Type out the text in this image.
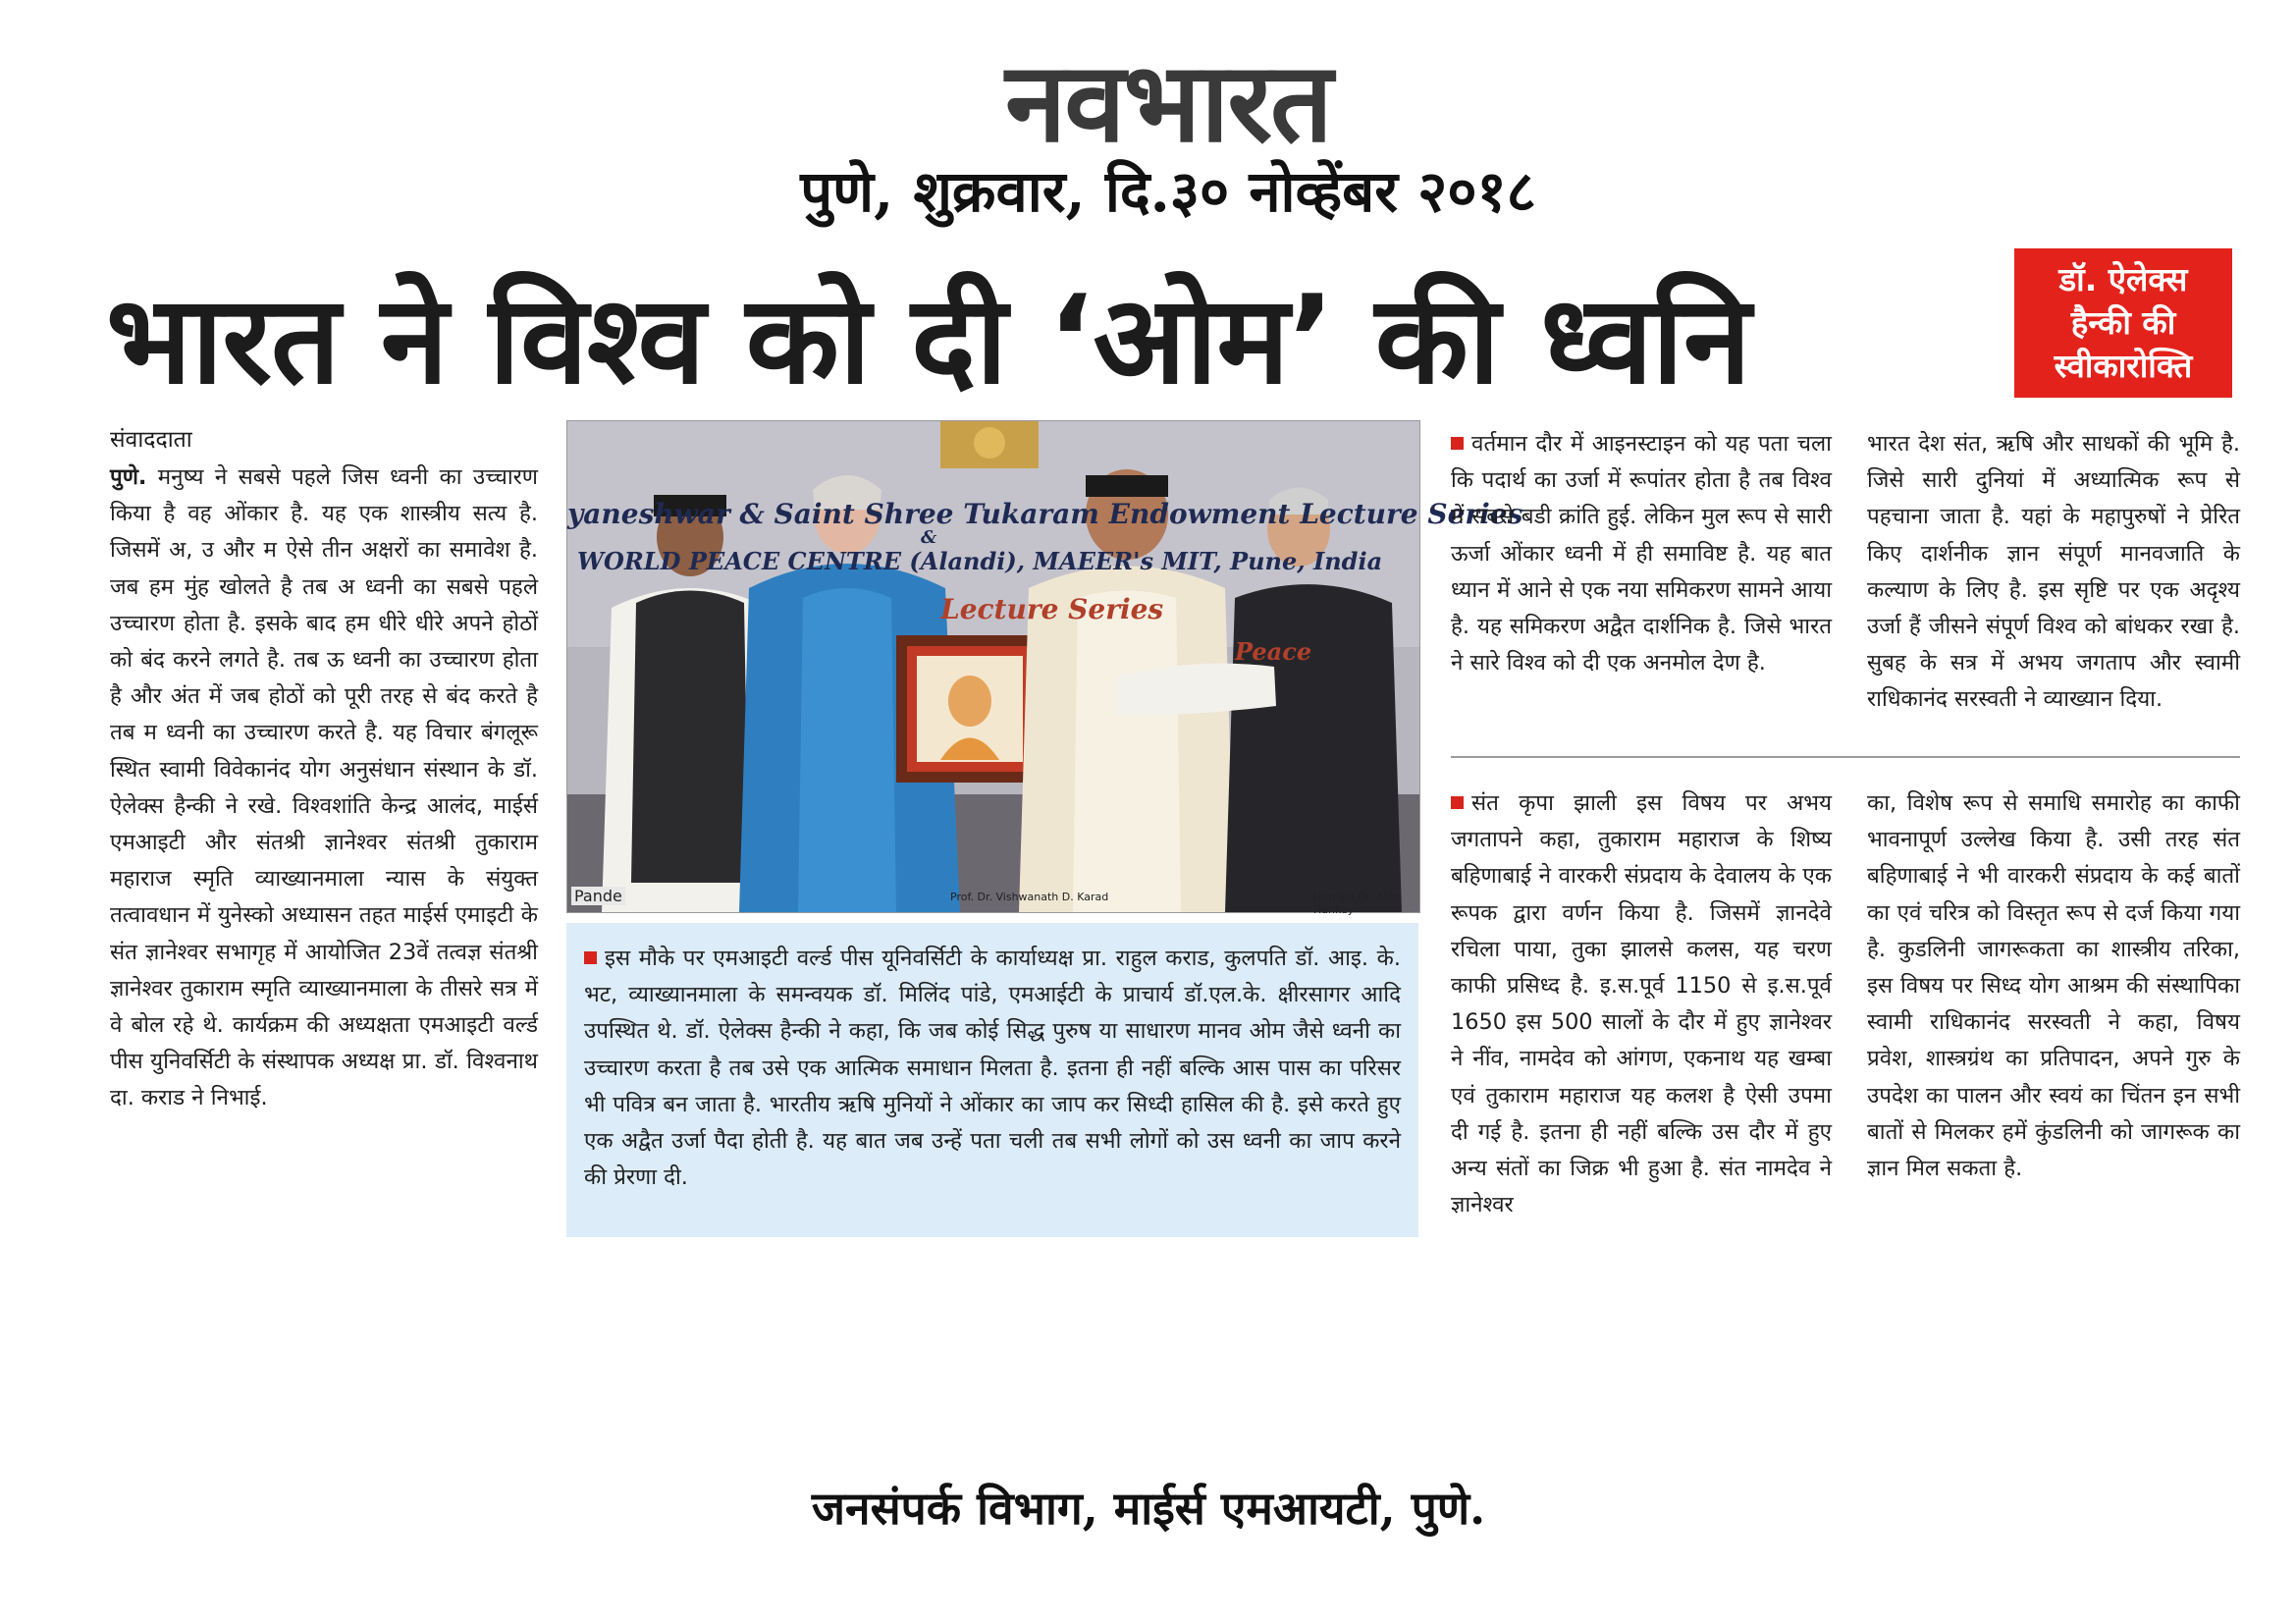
नवभारत
पुणे, शुक्रवार, दि.३० नोव्हेंबर २०१८
भारत ने विश्व को दी ‘ओम’ की ध्वनि	डॉ. ऐलेक्स
हैन्की की
स्वीकारोक्ति
संवाददाता

पुणे. मनुष्य ने सबसे पहले जिस ध्वनी का उच्चारण किया है वह ओंकार है. यह एक शास्त्रीय सत्य है. जिसमें अ, उ और म ऐसे तीन अक्षरों का समावेश है. जब हम मुंह खोलते है तब अ ध्वनी का सबसे पहले उच्चारण होता है. इसके बाद हम धीरे धीरे अपने होठों को बंद करने लगते है. तब ऊ ध्वनी का उच्चारण होता है और अंत में जब होठों को पूरी तरह से बंद करते है तब म ध्वनी का उच्चारण करते है. यह विचार बंगलूरू स्थित स्वामी विवेकानंद योग अनुसंधान संस्थान के डॉ. ऐलेक्स हैन्की ने रखे. विश्वशांति केन्द्र आलंद, माईर्स एमआइटी और संतश्री ज्ञानेश्वर संतश्री तुकाराम महाराज स्मृति व्याख्यानमाला न्यास के संयुक्त तत्वावधान में युनेस्को अध्यासन तहत माईर्स एमाइटी के संत ज्ञानेश्वर सभागृह में आयोजित 23वें तत्वज्ञ संतश्री ज्ञानेश्वर तुकाराम स्मृति व्याख्यानमाला के तीसरे सत्र में वे बोल रहे थे. कार्यक्रम की अध्यक्षता एमआइटी वर्ल्ड पीस युनिवर्सिटी के संस्थापक अध्यक्ष प्रा. डॉ. विश्वनाथ दा. कराड ने निभाई.

yaneshwar & Saint Shree Tukaram Endowment Lecture Series
&
WORLD PEACE CENTRE (Alandi), MAEER's MIT, Pune, India
Lecture Series
Peace
Pande	Prof. Dr. Vishwanath D. Karad	Hon'ble Dr. Alex Hankey

इस मौके पर एमआइटी वर्ल्ड पीस यूनिवर्सिटी के कार्याध्यक्ष प्रा. राहुल कराड, कुलपति डॉ. आइ. के. भट, व्याख्यानमाला के समन्वयक डॉ. मिलिंद पांडे, एमआईटी के प्राचार्य डॉ.एल.के. क्षीरसागर आदि उपस्थित थे. डॉ. ऐलेक्स हैन्की ने कहा, कि जब कोई सिद्ध पुरुष या साधारण मानव ओम जैसे ध्वनी का उच्चारण करता है तब उसे एक आत्मिक समाधान मिलता है. इतना ही नहीं बल्कि आस पास का परिसर भी पवित्र बन जाता है. भारतीय ऋषि मुनियों ने ओंकार का जाप कर सिध्दी हासिल की है. इसे करते हुए एक अद्वैत उर्जा पैदा होती है. यह बात जब उन्हें पता चली तब सभी लोगों को उस ध्वनी का जाप करने की प्रेरणा दी.

वर्तमान दौर में आइनस्टाइन को यह पता चला कि पदार्थ का उर्जा में रूपांतर होता है तब विश्व में सबसे बडी क्रांति हुई. लेकिन मुल रूप से सारी ऊर्जा ओंकार ध्वनी में ही समाविष्ट है. यह बात ध्यान में आने से एक नया समिकरण सामने आया है. यह समिकरण अद्वैत दार्शनिक है. जिसे भारत ने सारे विश्व को दी एक अनमोल देण है.

भारत देश संत, ऋषि और साधकों की भूमि है. जिसे सारी दुनियां में अध्यात्मिक रूप से पहचाना जाता है. यहां के महापुरुषों ने प्रेरित किए दार्शनीक ज्ञान संपूर्ण मानवजाति के कल्याण के लिए है. इस सृष्टि पर एक अदृश्य उर्जा हैं जीसने संपूर्ण विश्व को बांधकर रखा है. सुबह के सत्र में अभय जगताप और स्वामी राधिकानंद सरस्वती ने व्याख्यान दिया.

संत कृपा झाली इस विषय पर अभय जगतापने कहा, तुकाराम महाराज के शिष्य बहिणाबाई ने वारकरी संप्रदाय के देवालय के एक रूपक द्वारा वर्णन किया है. जिसमें ज्ञानदेवे रचिला पाया, तुका झालसे कलस, यह चरण काफी प्रसिध्द है. इ.स.पूर्व 1150 से इ.स.पूर्व 1650 इस 500 सालों के दौर में हुए ज्ञानेश्वर ने नींव, नामदेव को आंगण, एकनाथ यह खम्बा एवं तुकाराम महाराज यह कलश है ऐसी उपमा दी गई है. इतना ही नहीं बल्कि उस दौर में हुए अन्य संतों का जिक्र भी हुआ है. संत नामदेव ने ज्ञानेश्वर

का, विशेष रूप से समाधि समारोह का काफी भावनापूर्ण उल्लेख किया है. उसी तरह संत बहिणाबाई ने भी वारकरी संप्रदाय के कई बातों का एवं चरित्र को विस्तृत रूप से दर्ज किया गया है. कुडलिनी जागरूकता का शास्त्रीय तरिका, इस विषय पर सिध्द योग आश्रम की संस्थापिका स्वामी राधिकानंद सरस्वती ने कहा, विषय प्रवेश, शास्त्रग्रंथ का प्रतिपादन, अपने गुरु के उपदेश का पालन और स्वयं का चिंतन इन सभी बातों से मिलकर हमें कुंडलिनी को जागरूक का ज्ञान मिल सकता है.

जनसंपर्क विभाग, माईर्स एमआयटी, पुणे.
